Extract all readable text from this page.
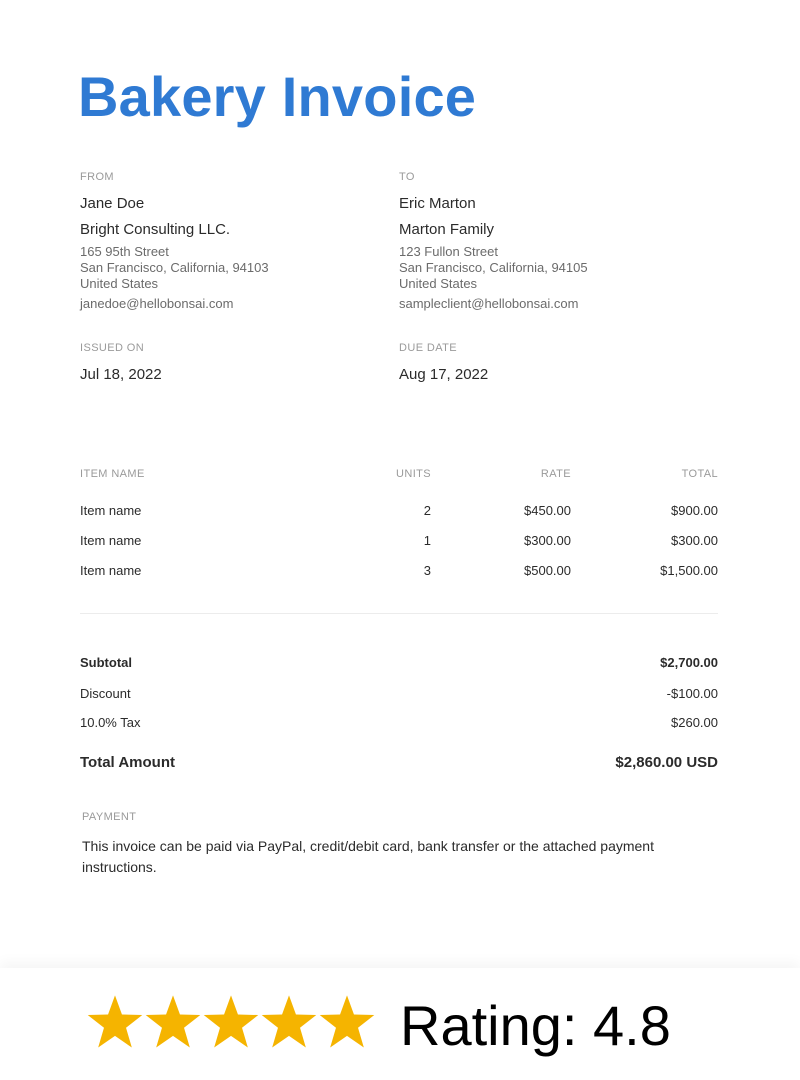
Bakery Invoice
FROM
Jane Doe
Bright Consulting LLC.
165 95th Street
San Francisco, California, 94103
United States
janedoe@hellobonsai.com
TO
Eric Marton
Marton Family
123 Fullon Street
San Francisco, California, 94105
United States
sampleclient@hellobonsai.com
ISSUED ON
Jul 18, 2022
DUE DATE
Aug 17, 2022
ITEM NAME	UNITS	RATE	TOTAL
Item name	2	$450.00	$900.00
Item name	1	$300.00	$300.00
Item name	3	$500.00	$1,500.00
Subtotal	$2,700.00
Discount	-$100.00
10.0% Tax	$260.00
Total Amount	$2,860.00 USD
PAYMENT
This invoice can be paid via PayPal, credit/debit card, bank transfer or the attached payment instructions.
Rating: 4.8
